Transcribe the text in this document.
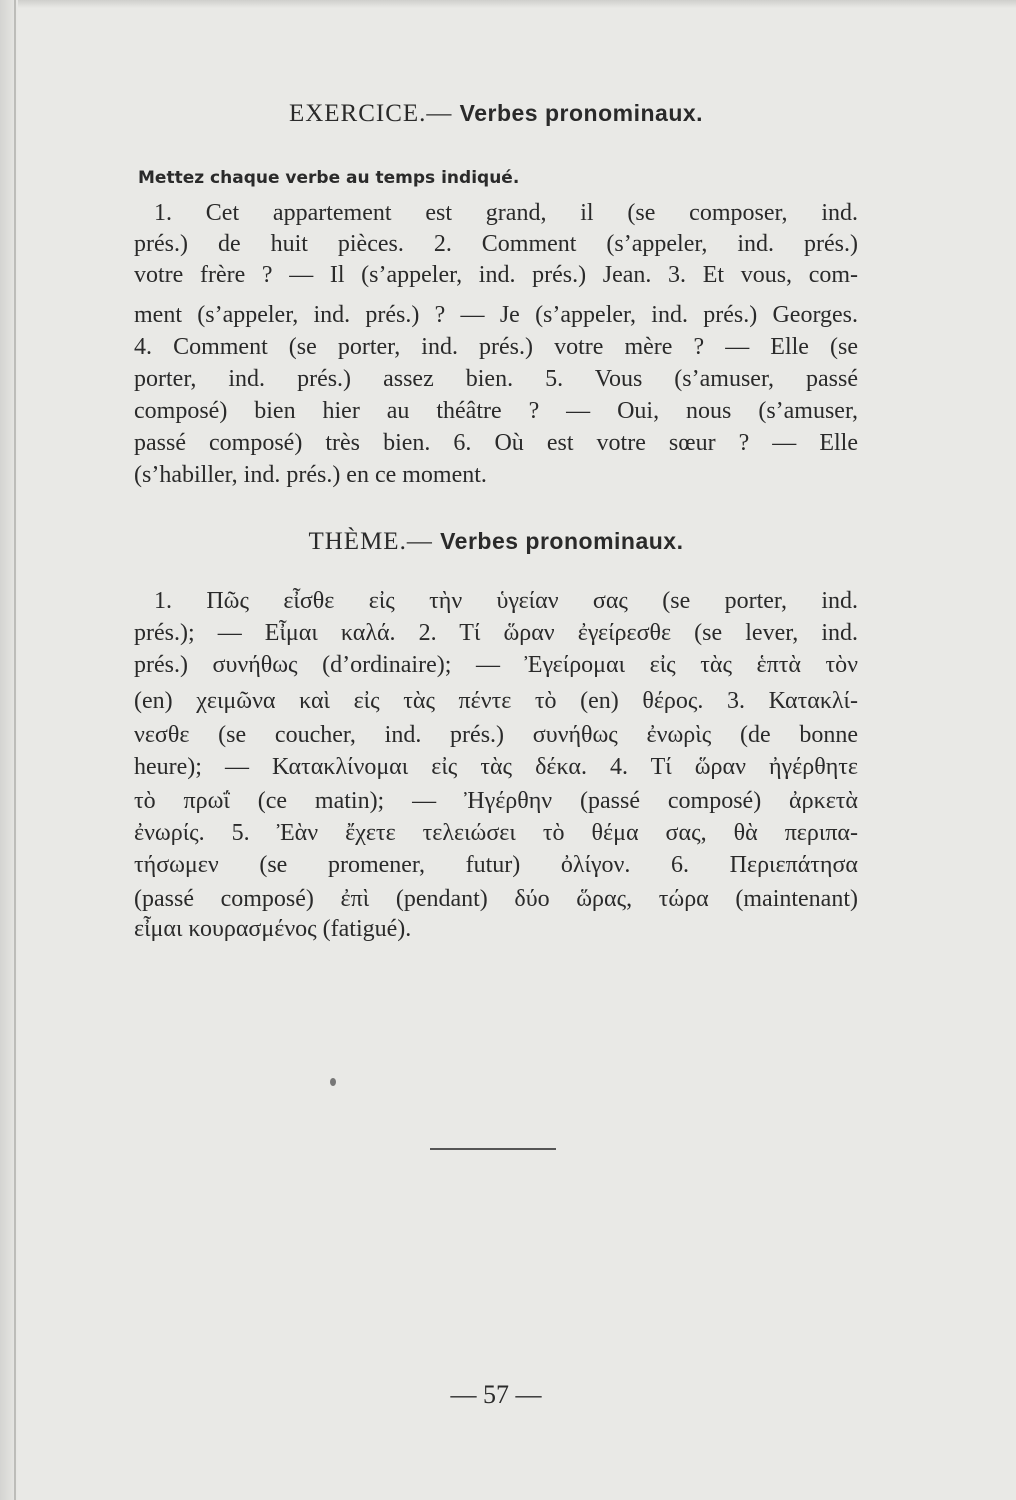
EXERCICE.— Verbes pronominaux.
Mettez chaque verbe au temps indiqué.
1. Cet appartement est grand, il (se composer, ind.
prés.) de huit pièces. 2. Comment (s’appeler, ind. prés.)
votre frère ? — Il (s’appeler, ind. prés.) Jean. 3. Et vous, com-
ment (s’appeler, ind. prés.) ? — Je (s’appeler, ind. prés.) Georges.
4. Comment (se porter, ind. prés.) votre mère ? — Elle (se
porter, ind. prés.) assez bien. 5. Vous (s’amuser, passé
composé) bien hier au théâtre ? — Oui, nous (s’amuser,
passé composé) très bien. 6. Où est votre sœur ? — Elle
(s’habiller, ind. prés.) en ce moment.
THÈME.— Verbes pronominaux.
1. Πῶς εἶσθε εἰς τὴν ὑγείαν σας (se porter, ind.
prés.); — Εἶμαι καλά. 2. Τί ὥραν ἐγείρεσθε (se lever, ind.
prés.) συνήθως (d’ordinaire); — Ἐγείρομαι εἰς τὰς ἑπτὰ τὸν
(en) χειμῶνα καὶ εἰς τὰς πέντε τὸ (en) θέρος. 3. Κατακλί-
νεσθε (se coucher, ind. prés.) συνήθως ἐνωρὶς (de bonne
heure); — Κατακλίνομαι εἰς τὰς δέκα. 4. Τί ὥραν ἠγέρθητε
τὸ πρωΐ (ce matin); — Ἠγέρθην (passé composé) ἀρκετὰ
ἐνωρίς. 5. Ἐὰν ἔχετε τελειώσει τὸ θέμα σας, θὰ περιπα-
τήσωμεν (se promener, futur) ὀλίγον. 6. Περιεπάτησα
(passé composé) ἐπὶ (pendant) δύο ὥρας, τώρα (maintenant)
εἶμαι κουρασμένος (fatigué).
— 57 —
